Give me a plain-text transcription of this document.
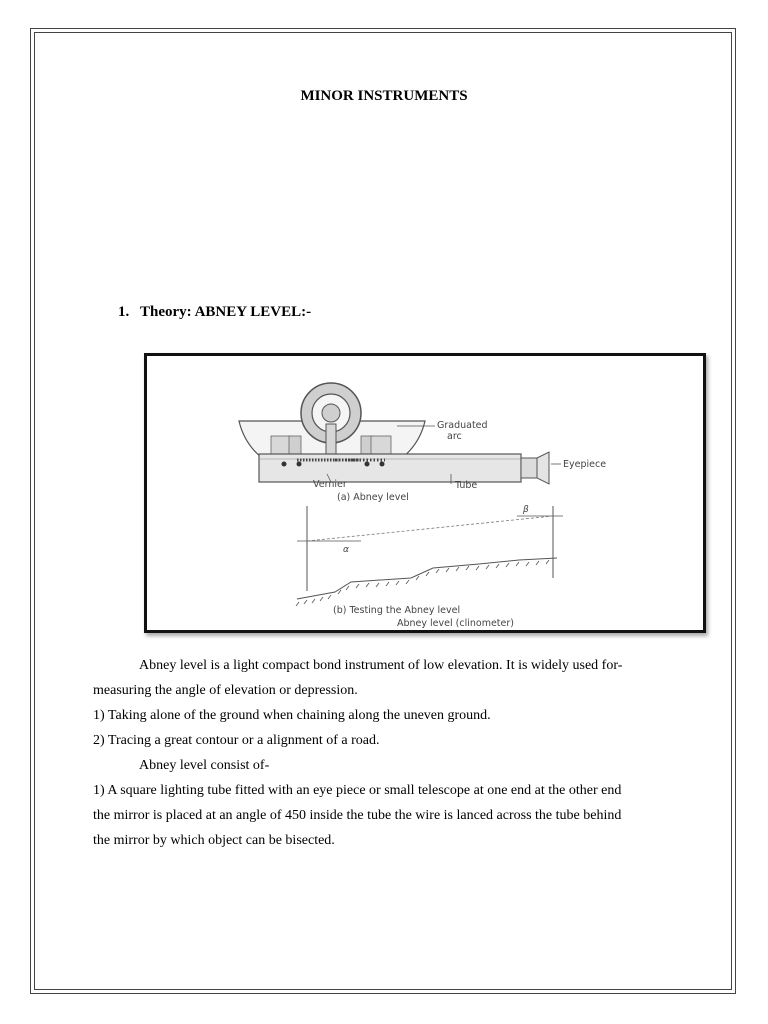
MINOR INSTRUMENTS
1. Theory: ABNEY LEVEL:-
Graduated
arc
Eyepiece
Vernier	Tube
(a) Abney level
α
β
(b) Testing the Abney level
Abney level (clinometer)
Abney level is a light compact bond instrument of low elevation. It is widely used for-
measuring the angle of elevation or depression.
1) Taking alone of the ground when chaining along the uneven ground.
2) Tracing a great contour or a alignment of a road.
Abney level consist of-
1) A square lighting tube fitted with an eye piece or small telescope at one end at the other end
the mirror is placed at an angle of 450 inside the tube the wire is lanced across the tube behind
the mirror by which object can be bisected.
